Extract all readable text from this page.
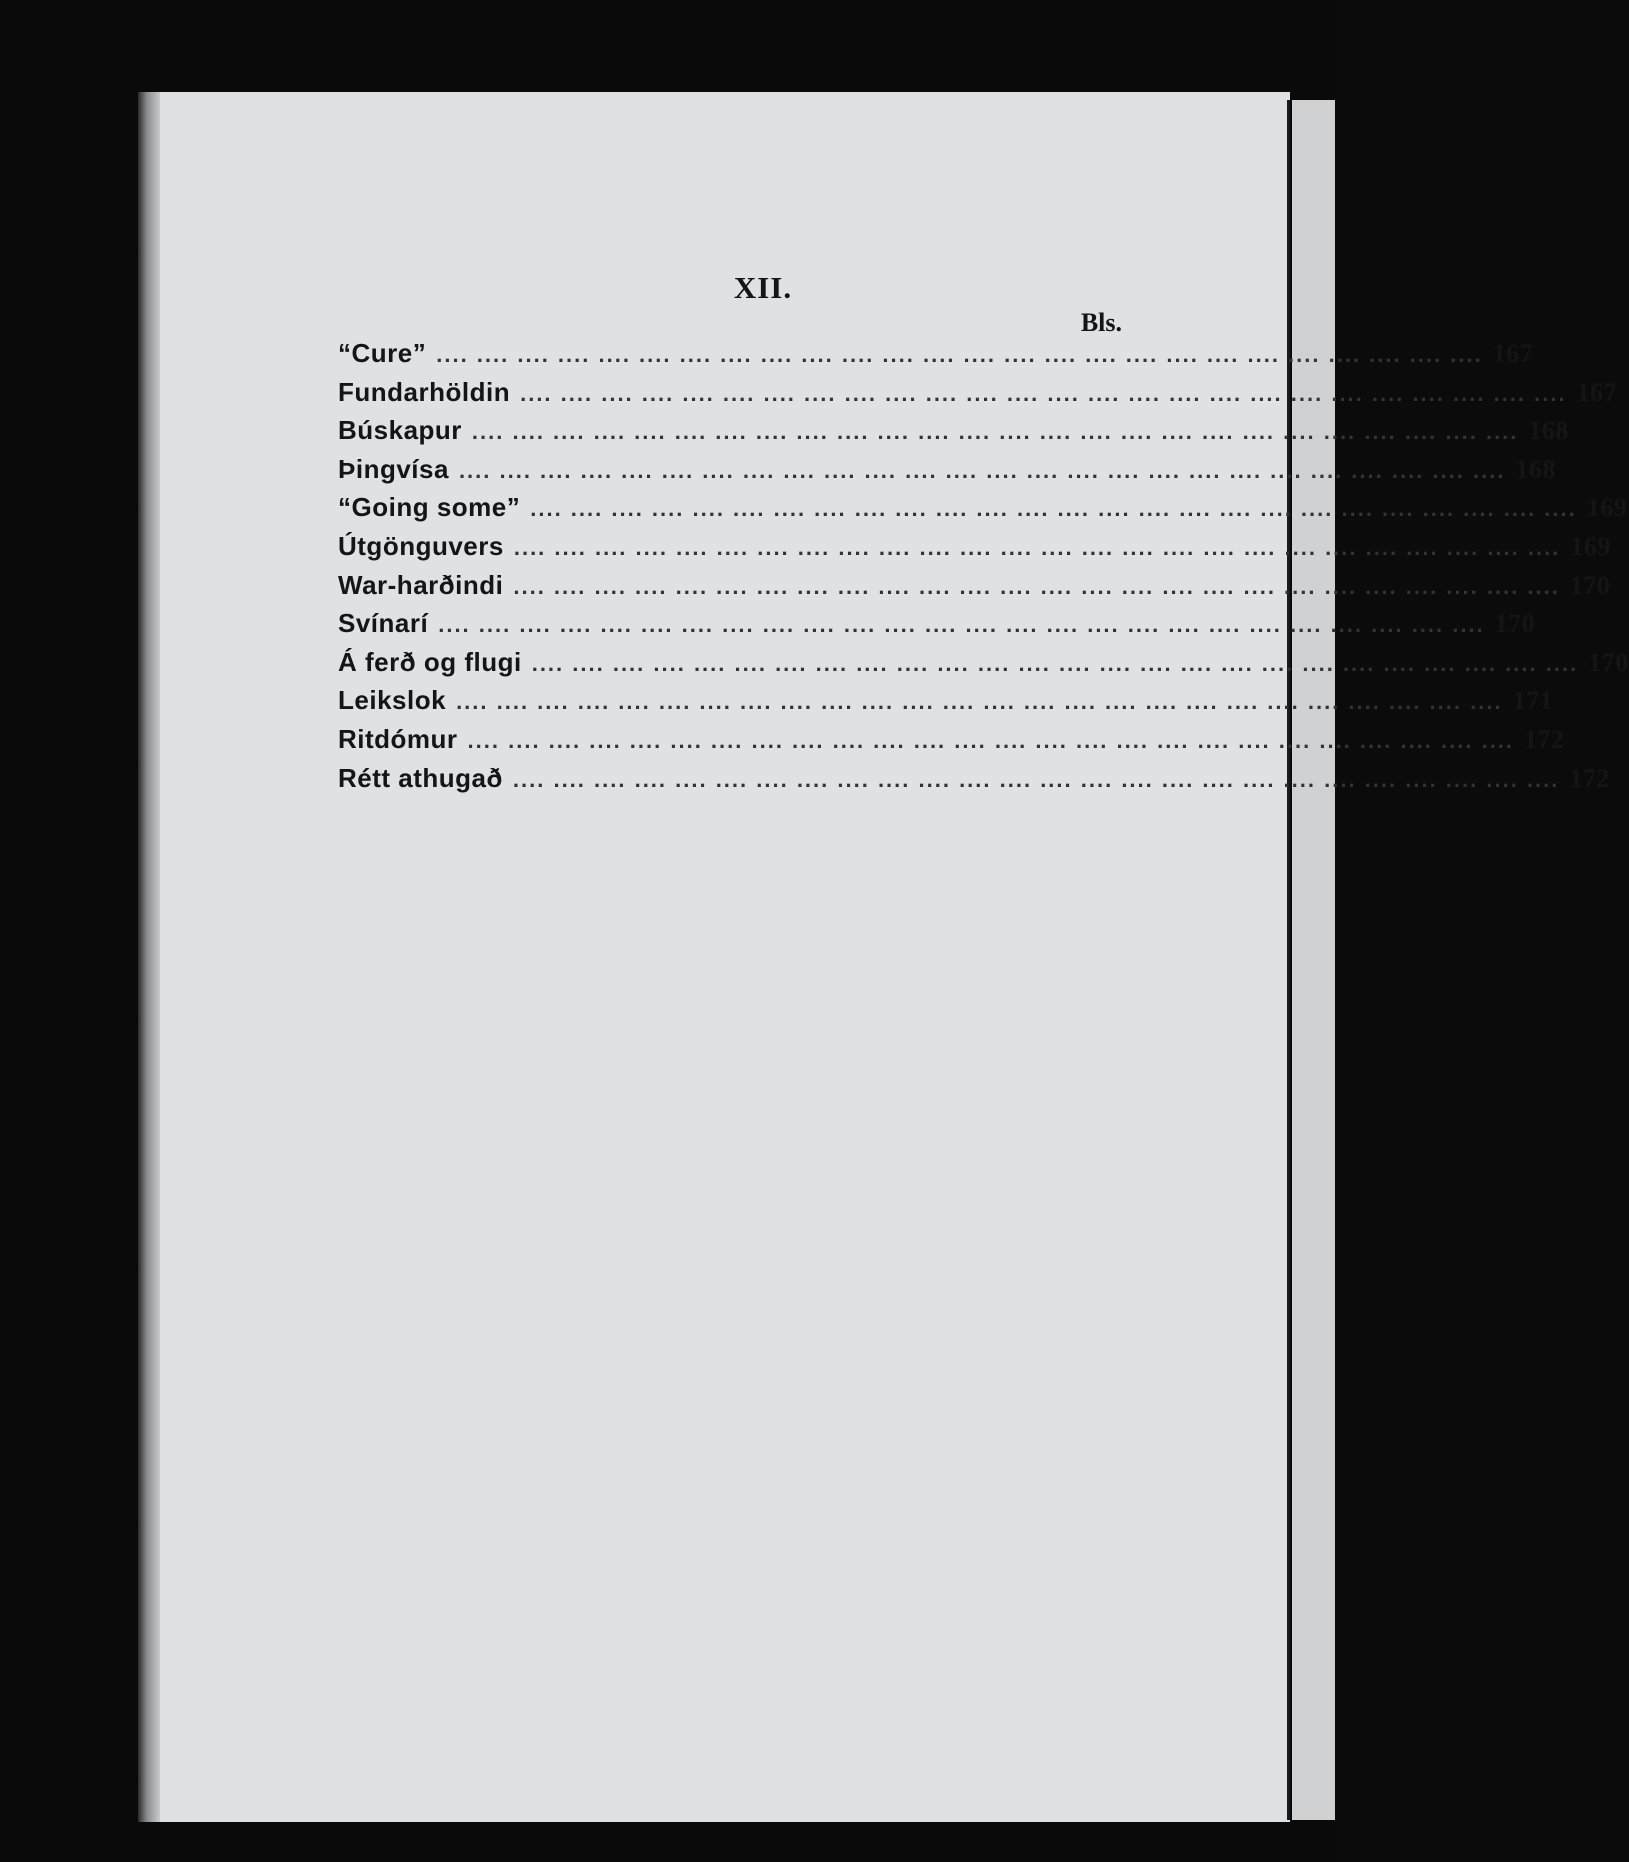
XII.
Bls.
“Cure” .... .... .... .... .... .... .... .... .... .... .... .... .... .... .... .... .... .... .... .... .... .... .... .... .... .... 167
Fundarhöldin .... .... .... .... .... .... .... .... .... .... .... .... .... .... .... .... .... .... .... .... .... .... .... .... .... .... 167
Búskapur .... .... .... .... .... .... .... .... .... .... .... .... .... .... .... .... .... .... .... .... .... .... .... .... .... .... 168
Þingvísa .... .... .... .... .... .... .... .... .... .... .... .... .... .... .... .... .... .... .... .... .... .... .... .... .... .... 168
“Going some” .... .... .... .... .... .... .... .... .... .... .... .... .... .... .... .... .... .... .... .... .... .... .... .... .... .... 169
Útgönguvers .... .... .... .... .... .... .... .... .... .... .... .... .... .... .... .... .... .... .... .... .... .... .... .... .... .... 169
War-harðindi .... .... .... .... .... .... .... .... .... .... .... .... .... .... .... .... .... .... .... .... .... .... .... .... .... .... 170
Svínarí .... .... .... .... .... .... .... .... .... .... .... .... .... .... .... .... .... .... .... .... .... .... .... .... .... .... 170
Á ferð og flugi .... .... .... .... .... .... .... .... .... .... .... .... .... .... .... .... .... .... .... .... .... .... .... .... .... .... 170
Leikslok .... .... .... .... .... .... .... .... .... .... .... .... .... .... .... .... .... .... .... .... .... .... .... .... .... .... 171
Ritdómur .... .... .... .... .... .... .... .... .... .... .... .... .... .... .... .... .... .... .... .... .... .... .... .... .... .... 172
Rétt athugað .... .... .... .... .... .... .... .... .... .... .... .... .... .... .... .... .... .... .... .... .... .... .... .... .... .... 172
